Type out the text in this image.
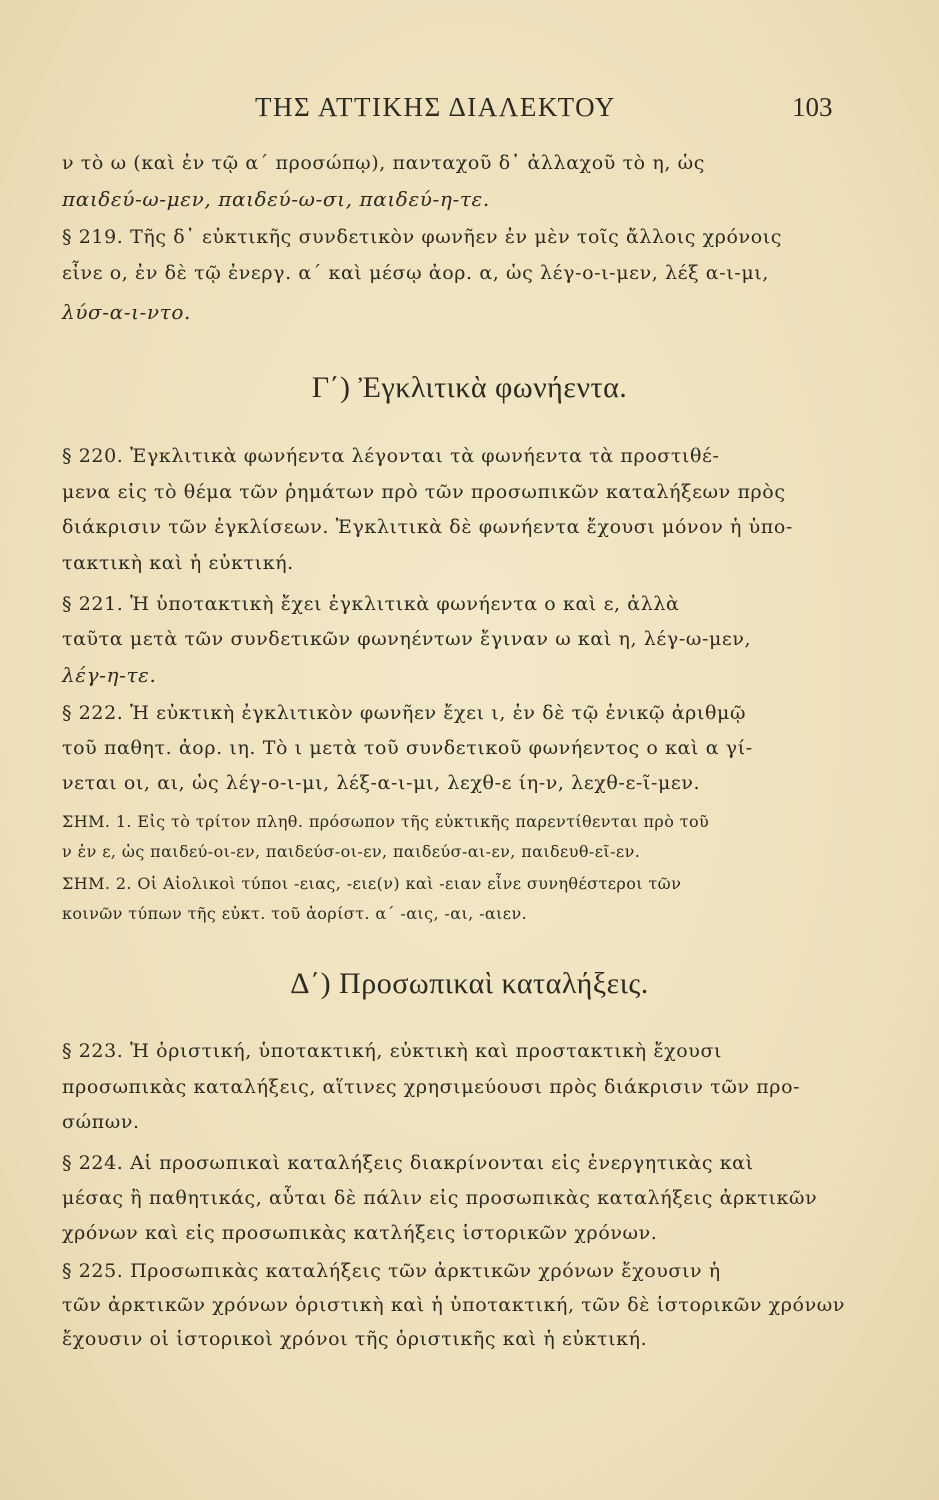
ΤΗΣ ΑΤΤΙΚΗΣ ΔΙΑΛΕΚΤΟΥ	103
ν τὸ ω (καὶ ἐν τῷ α΄ προσώπῳ), πανταχοῦ δ᾽ ἀλλαχοῦ τὸ η, ὡς
παιδεύ-ω-μεν, παιδεύ-ω-σι, παιδεύ-η-τε.
§ 219. Τῆς δ᾽ εὐκτικῆς συνδετικὸν φωνῆεν ἐν μὲν τοῖς ἄλλοις χρόνοις
εἶνε ο, ἐν δὲ τῷ ἐνεργ. α΄ καὶ μέσῳ ἀορ. α, ὡς λέγ-ο-ι-μεν, λέξ α-ι-μι,
λύσ-α-ι-ντο.
Γ΄) Ἐγκλιτικὰ φωνήεντα.
§ 220. Ἐγκλιτικὰ φωνήεντα λέγονται τὰ φωνήεντα τὰ προστιθέ-
μενα εἰς τὸ θέμα τῶν ῥημάτων πρὸ τῶν προσωπικῶν καταλήξεων πρὸς
διάκρισιν τῶν ἐγκλίσεων. Ἐγκλιτικὰ δὲ φωνήεντα ἔχουσι μόνον ἡ ὑπο-
τακτικὴ καὶ ἡ εὐκτική.
§ 221. Ἡ ὑποτακτικὴ ἔχει ἐγκλιτικὰ φωνήεντα ο καὶ ε, ἀλλὰ
ταῦτα μετὰ τῶν συνδετικῶν φωνηέντων ἔγιναν ω καὶ η, λέγ-ω-μεν,
λέγ-η-τε.
§ 222. Ἡ εὐκτικὴ ἐγκλιτικὸν φωνῆεν ἔχει ι, ἐν δὲ τῷ ἑνικῷ ἀριθμῷ
τοῦ παθητ. ἀορ. ιη. Τὸ ι μετὰ τοῦ συνδετικοῦ φωνήεντος ο καὶ α γί-
νεται οι, αι, ὡς λέγ-ο-ι-μι, λέξ-α-ι-μι, λεχθ-ε ίη-ν, λεχθ-ε-ῖ-μεν.
ΣΗΜ. 1. Εἰς τὸ τρίτον πληθ. πρόσωπον τῆς εὐκτικῆς παρεντίθενται πρὸ τοῦ
ν ἐν ε, ὡς παιδεύ-οι-εν, παιδεύσ-οι-εν, παιδεύσ-αι-εν, παιδευθ-εῖ-εν.
ΣΗΜ. 2. Οἱ Αἰολικοὶ τύποι -ειας, -ειε(ν) καὶ -ειαν εἶνε συνηθέστεροι τῶν
κοινῶν τύπων τῆς εὐκτ. τοῦ ἀορίστ. α΄ -αις, -αι, -αιεν.
Δ΄) Προσωπικαὶ καταλήξεις.
§ 223. Ἡ ὁριστική, ὑποτακτική, εὐκτικὴ καὶ προστακτικὴ ἔχουσι
προσωπικὰς καταλήξεις, αἵτινες χρησιμεύουσι πρὸς διάκρισιν τῶν προ-
σώπων.
§ 224. Αἱ προσωπικαὶ καταλήξεις διακρίνονται εἰς ἐνεργητικὰς καὶ
μέσας ἢ παθητικάς, αὗται δὲ πάλιν εἰς προσωπικὰς καταλήξεις ἀρκτικῶν
χρόνων καὶ εἰς προσωπικὰς κατλήξεις ἱστορικῶν χρόνων.
§ 225. Προσωπικὰς καταλήξεις τῶν ἀρκτικῶν χρόνων ἔχουσιν ἡ
τῶν ἀρκτικῶν χρόνων ὁριστικὴ καὶ ἡ ὑποτακτική, τῶν δὲ ἱστορικῶν χρόνων
ἔχουσιν οἱ ἱστορικοὶ χρόνοι τῆς ὁριστικῆς καὶ ἡ εὐκτική.
